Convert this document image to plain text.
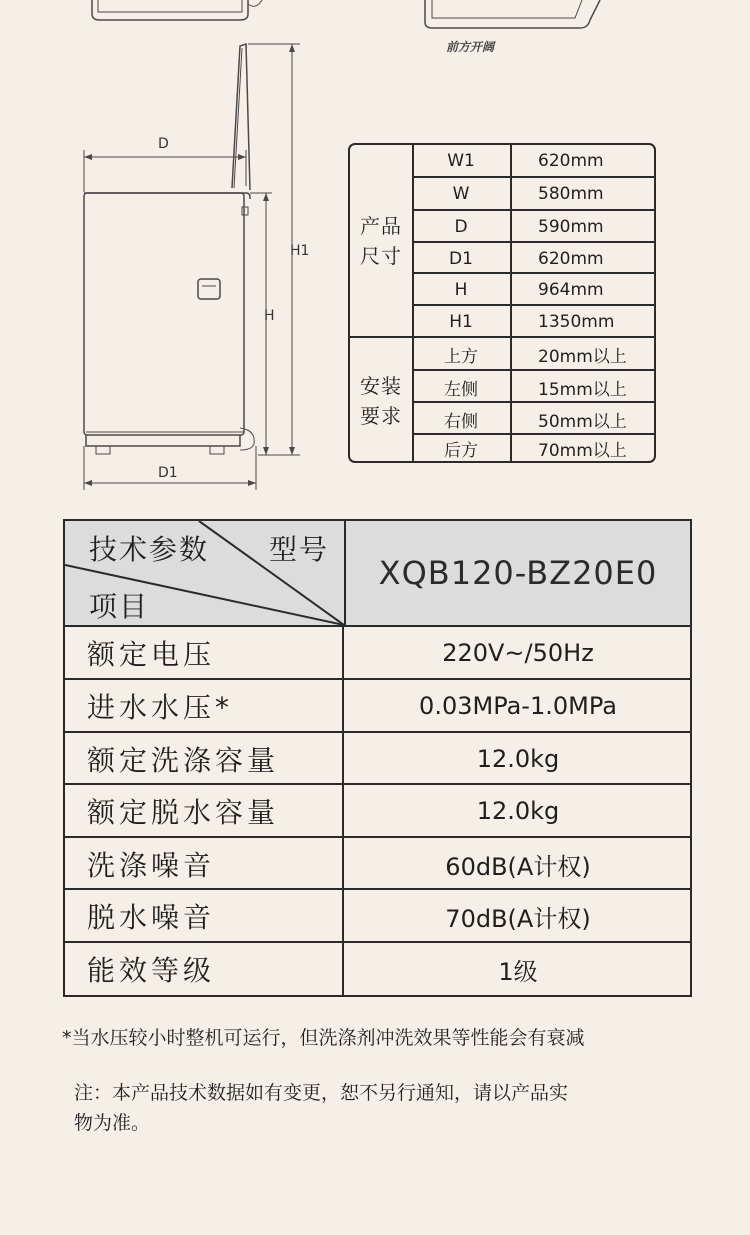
前方开阔
D
H1
H
D1
产品
尺寸
安装
要求
W1	620mm
W	580mm
D	590mm
D1	620mm
H	964mm
H1	1350mm
上方	20mm以上
左侧	15mm以上
右侧	50mm以上
后方	70mm以上
技术参数 型号
项目
XQB120-BZ20E0
额定电压	220V~/50Hz
进水水压*	0.03MPa-1.0MPa
额定洗涤容量	12.0kg
额定脱水容量	12.0kg
洗涤噪音	60dB(A计权)
脱水噪音	70dB(A计权)
能效等级	1级
*当水压较小时整机可运行，但洗涤剂冲洗效果等性能会有衰减
注：本产品技术数据如有变更，恕不另行通知，请以产品实
物为准。
